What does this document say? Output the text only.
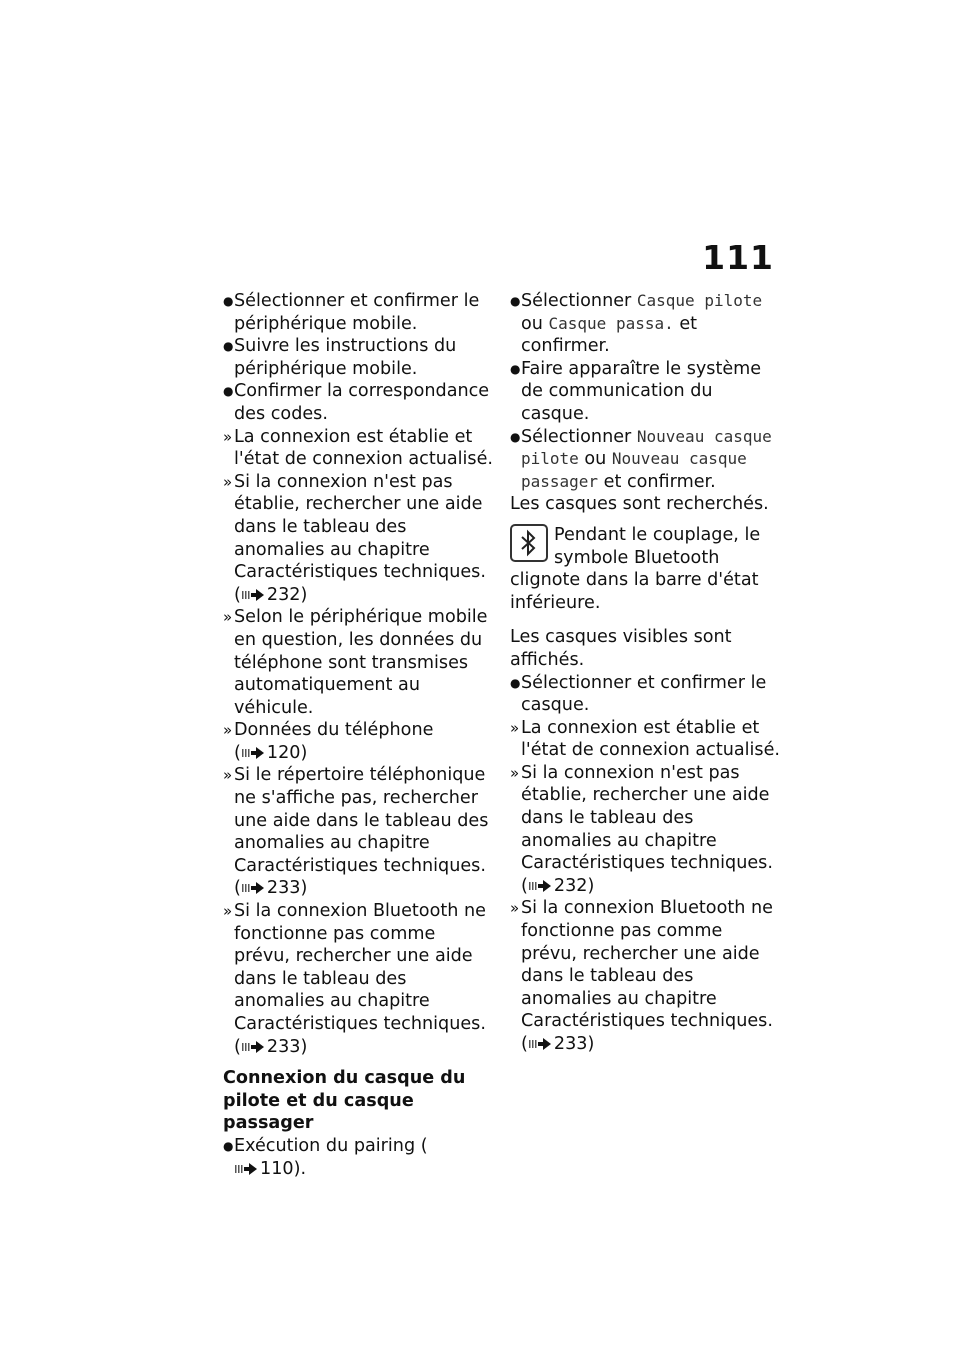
111
● Sélectionner et confirmer le périphérique mobile.
● Suivre les instructions du périphérique mobile.
● Confirmer la correspondance des codes.
» La connexion est établie et l'état de connexion actualisé.
» Si la connexion n'est pas établie, rechercher une aide dans le tableau des anomalies au chapitre Caractéristiques techniques. ( 232)
» Selon le périphérique mobile en question, les données du téléphone sont transmises automatiquement au véhicule.
» Données du téléphone
( 120)
» Si le répertoire téléphonique ne s'affiche pas, rechercher une aide dans le tableau des anomalies au chapitre Caractéristiques techniques.
( 233)
» Si la connexion Bluetooth ne fonctionne pas comme prévu, rechercher une aide dans le tableau des anomalies au chapitre Caractéristiques techniques. ( 233)
Connexion du casque du pilote et du casque passager
● Exécution du pairing (110).
● Sélectionner Casque pilote ou Casque passa. et confirmer.
● Faire apparaître le système de communication du casque.
● Sélectionner Nouveau casque pilote ou Nouveau casque passager et confirmer.
Les casques sont recherchés.
Pendant le couplage, le symbole Bluetooth clignote dans la barre d'état inférieure.
Les casques visibles sont affichés.
● Sélectionner et confirmer le casque.
» La connexion est établie et l'état de connexion actualisé.
» Si la connexion n'est pas établie, rechercher une aide dans le tableau des anomalies au chapitre Caractéristiques techniques. ( 232)
» Si la connexion Bluetooth ne fonctionne pas comme prévu, rechercher une aide dans le tableau des anomalies au chapitre Caractéristiques techniques. ( 233)
